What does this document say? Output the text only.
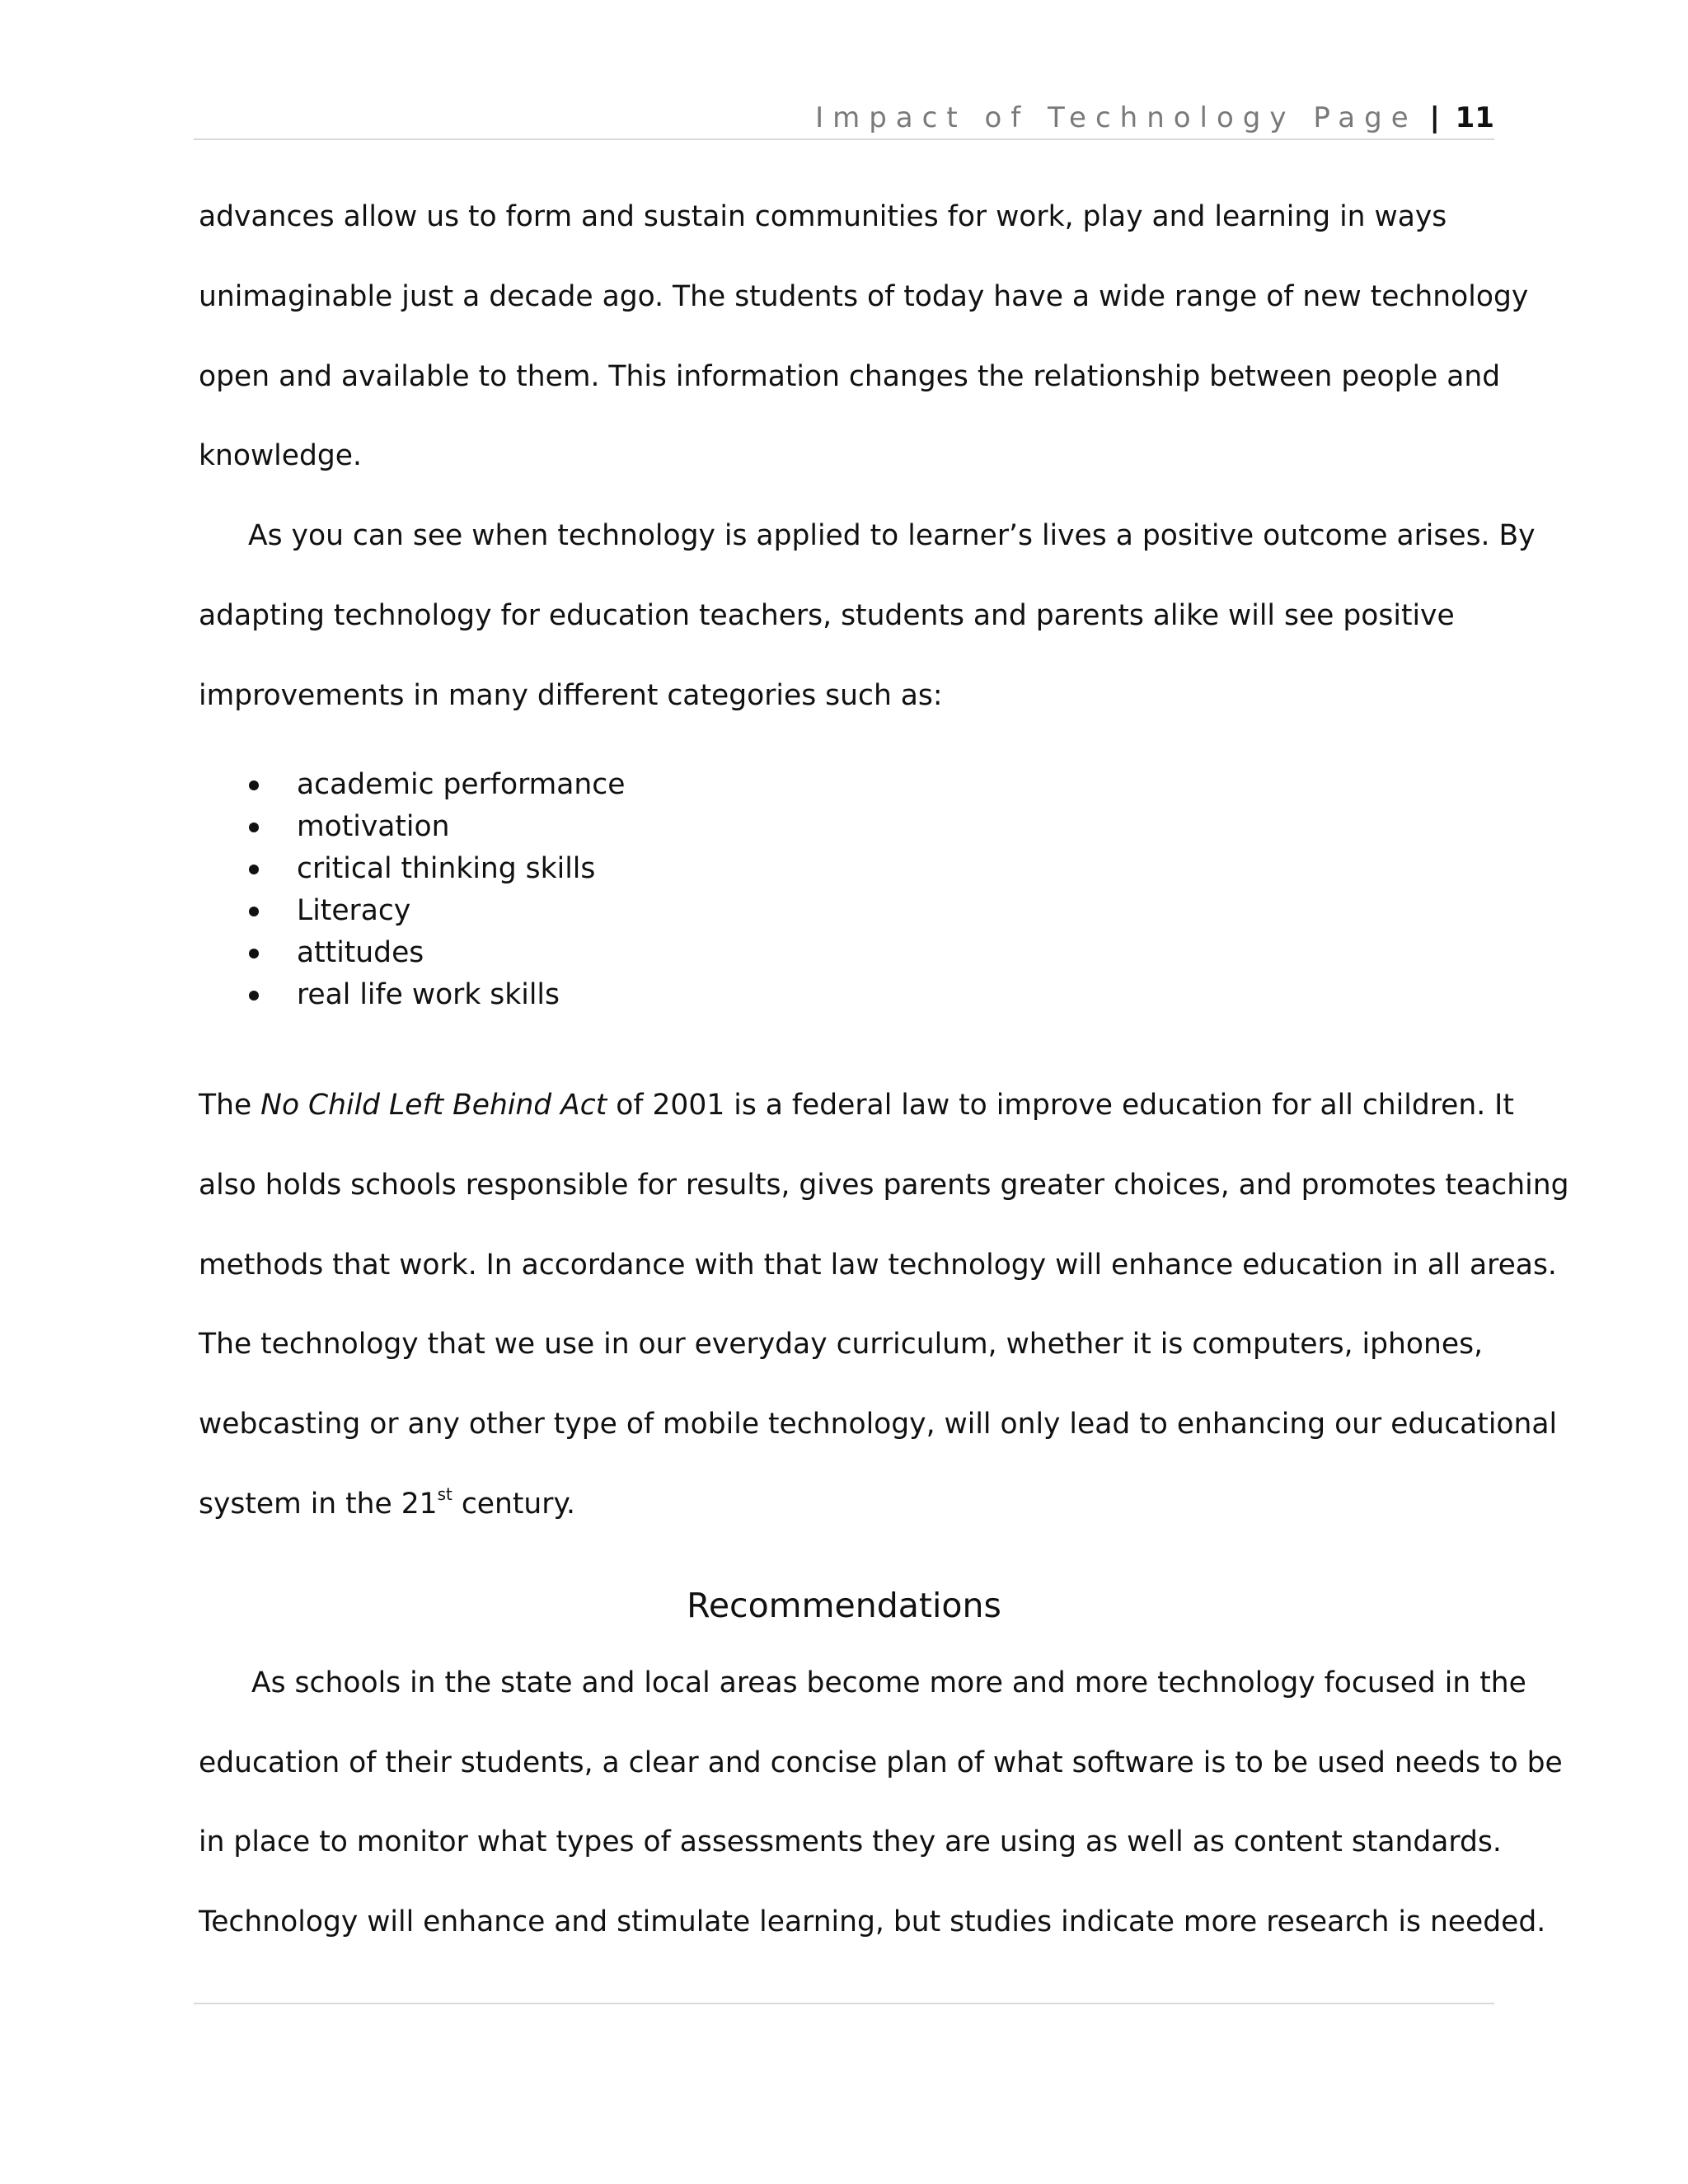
Impact of Technology Page | 11
advances allow us to form and sustain communities for work, play and learning in ways
unimaginable just a decade ago. The students of today have a wide range of new technology
open and available to them. This information changes the relationship between people and
knowledge.
As you can see when technology is applied to learner’s lives a positive outcome arises. By
adapting technology for education teachers, students and parents alike will see positive
improvements in many different categories such as:
academic performance
motivation
critical thinking skills
Literacy
attitudes
real life work skills
The No Child Left Behind Act of 2001 is a federal law to improve education for all children. It
also holds schools responsible for results, gives parents greater choices, and promotes teaching
methods that work. In accordance with that law technology will enhance education in all areas.
The technology that we use in our everyday curriculum, whether it is computers, iphones,
webcasting or any other type of mobile technology, will only lead to enhancing our educational
system in the 21st century.
Recommendations
As schools in the state and local areas become more and more technology focused in the
education of their students, a clear and concise plan of what software is to be used needs to be
in place to monitor what types of assessments they are using as well as content standards.
Technology will enhance and stimulate learning, but studies indicate more research is needed.
